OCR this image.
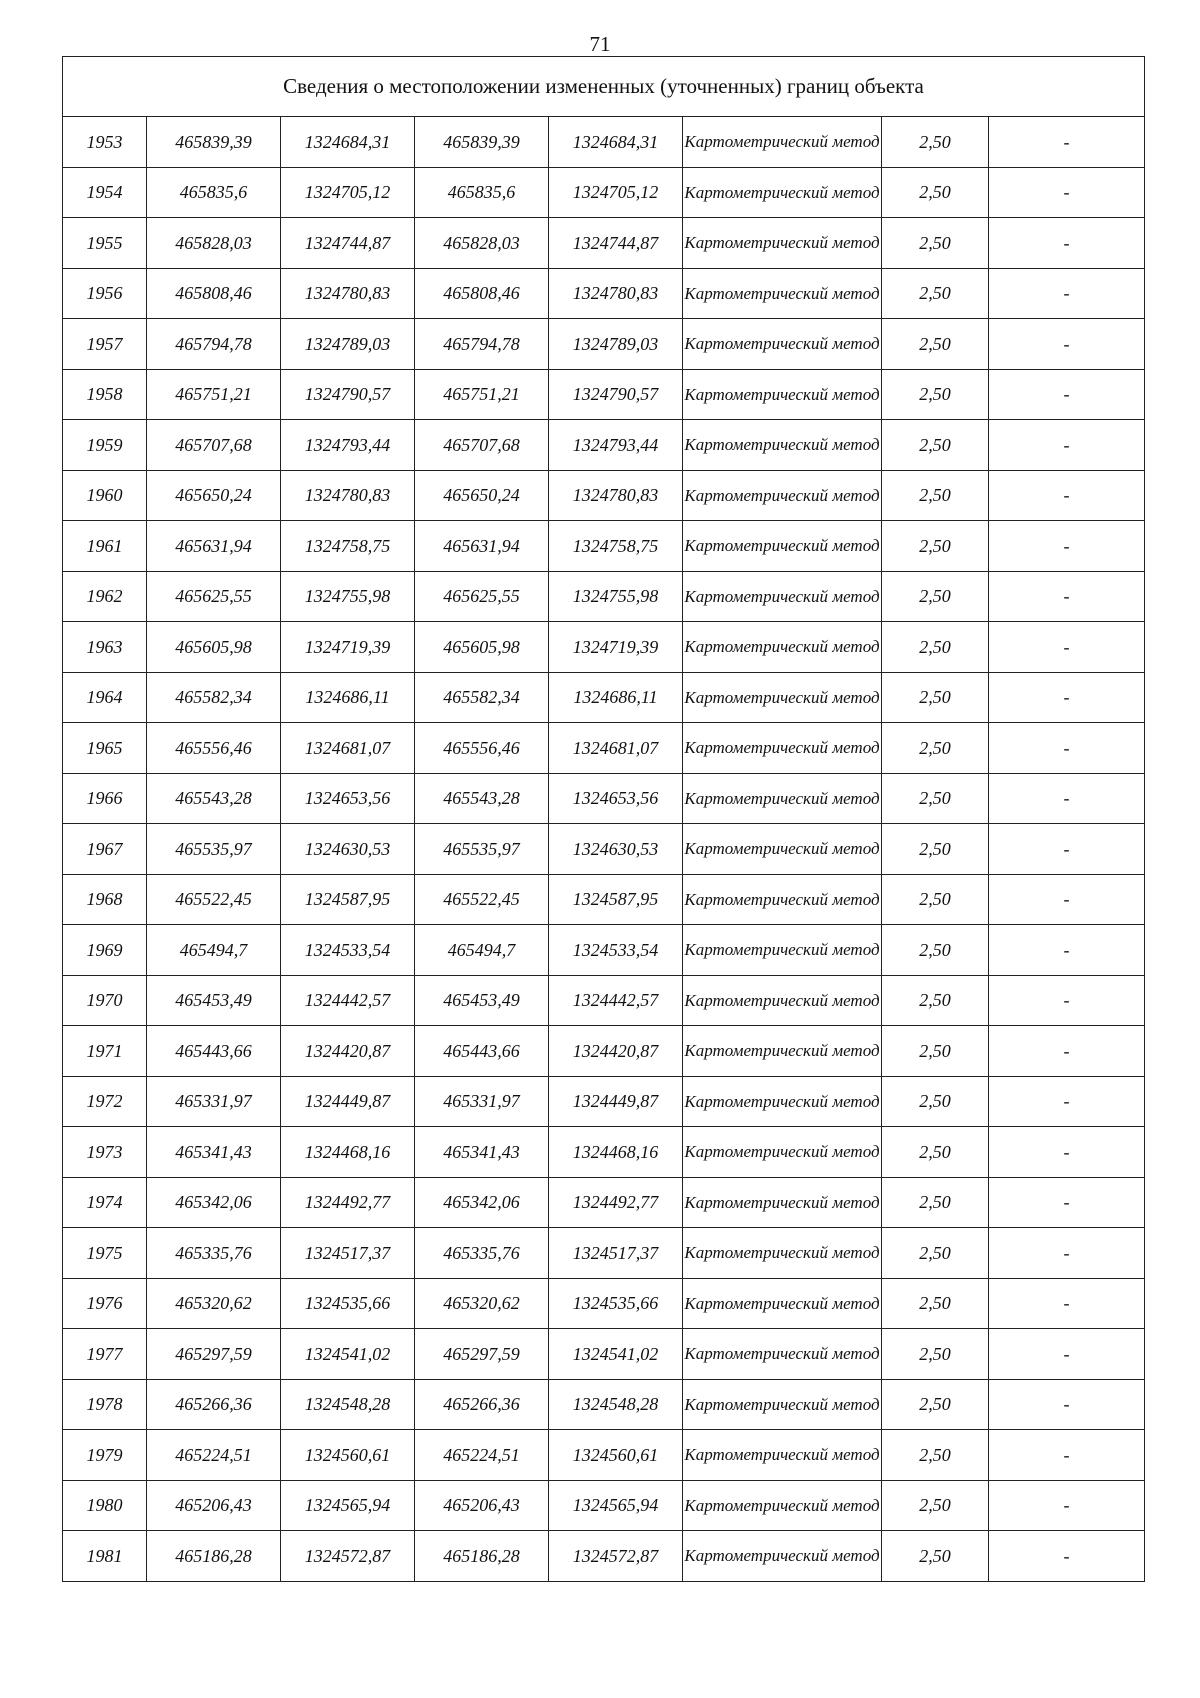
71
Сведения о местоположении измененных (уточненных) границ объекта							
1953	465839,39	1324684,31	465839,39	1324684,31	Картометрический метод	2,50	-
1954	465835,6	1324705,12	465835,6	1324705,12	Картометрический метод	2,50	-
1955	465828,03	1324744,87	465828,03	1324744,87	Картометрический метод	2,50	-
1956	465808,46	1324780,83	465808,46	1324780,83	Картометрический метод	2,50	-
1957	465794,78	1324789,03	465794,78	1324789,03	Картометрический метод	2,50	-
1958	465751,21	1324790,57	465751,21	1324790,57	Картометрический метод	2,50	-
1959	465707,68	1324793,44	465707,68	1324793,44	Картометрический метод	2,50	-
1960	465650,24	1324780,83	465650,24	1324780,83	Картометрический метод	2,50	-
1961	465631,94	1324758,75	465631,94	1324758,75	Картометрический метод	2,50	-
1962	465625,55	1324755,98	465625,55	1324755,98	Картометрический метод	2,50	-
1963	465605,98	1324719,39	465605,98	1324719,39	Картометрический метод	2,50	-
1964	465582,34	1324686,11	465582,34	1324686,11	Картометрический метод	2,50	-
1965	465556,46	1324681,07	465556,46	1324681,07	Картометрический метод	2,50	-
1966	465543,28	1324653,56	465543,28	1324653,56	Картометрический метод	2,50	-
1967	465535,97	1324630,53	465535,97	1324630,53	Картометрический метод	2,50	-
1968	465522,45	1324587,95	465522,45	1324587,95	Картометрический метод	2,50	-
1969	465494,7	1324533,54	465494,7	1324533,54	Картометрический метод	2,50	-
1970	465453,49	1324442,57	465453,49	1324442,57	Картометрический метод	2,50	-
1971	465443,66	1324420,87	465443,66	1324420,87	Картометрический метод	2,50	-
1972	465331,97	1324449,87	465331,97	1324449,87	Картометрический метод	2,50	-
1973	465341,43	1324468,16	465341,43	1324468,16	Картометрический метод	2,50	-
1974	465342,06	1324492,77	465342,06	1324492,77	Картометрический метод	2,50	-
1975	465335,76	1324517,37	465335,76	1324517,37	Картометрический метод	2,50	-
1976	465320,62	1324535,66	465320,62	1324535,66	Картометрический метод	2,50	-
1977	465297,59	1324541,02	465297,59	1324541,02	Картометрический метод	2,50	-
1978	465266,36	1324548,28	465266,36	1324548,28	Картометрический метод	2,50	-
1979	465224,51	1324560,61	465224,51	1324560,61	Картометрический метод	2,50	-
1980	465206,43	1324565,94	465206,43	1324565,94	Картометрический метод	2,50	-
1981	465186,28	1324572,87	465186,28	1324572,87	Картометрический метод	2,50	-
